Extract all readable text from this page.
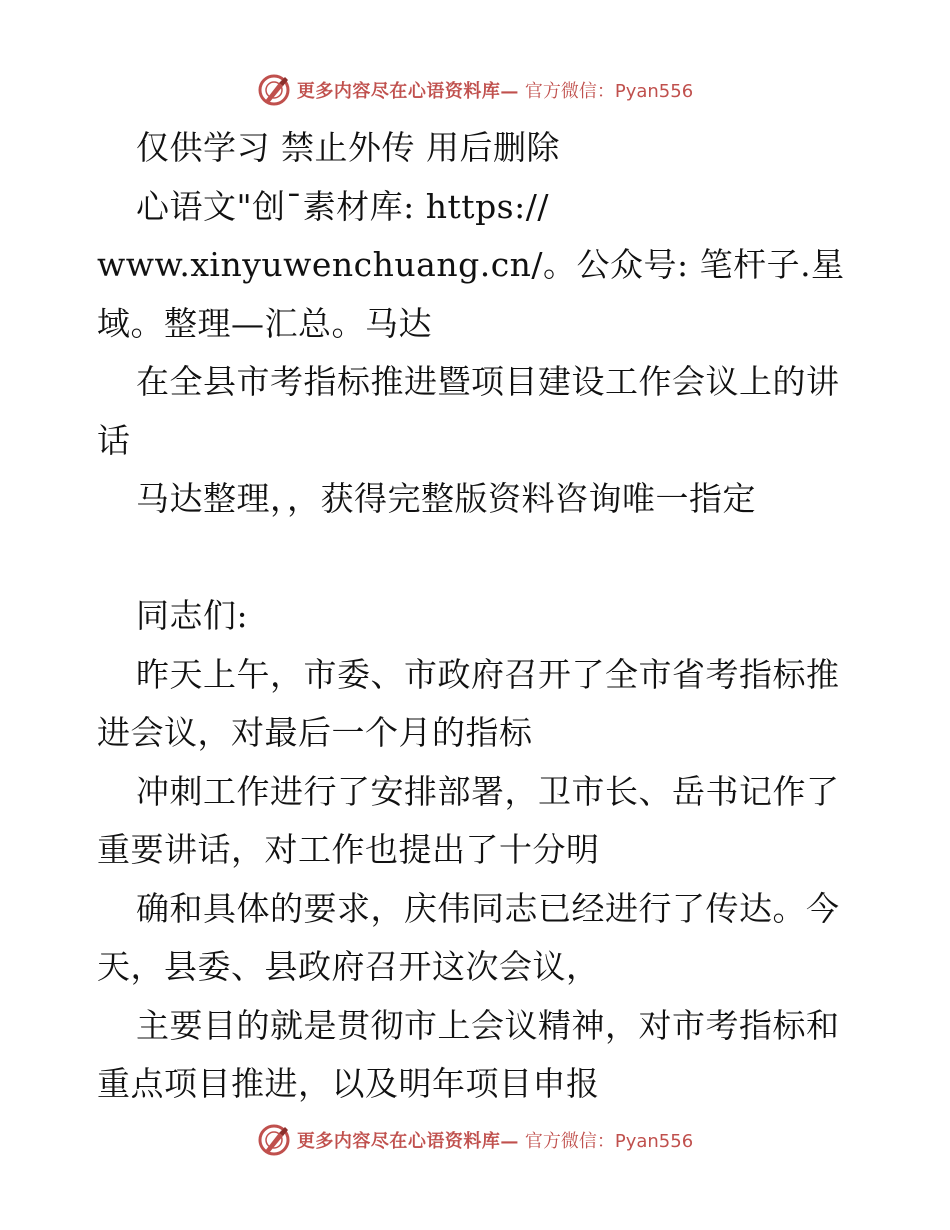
更多内容尽在心语资料库— 官方微信：Pyan556
仅供学习 禁止外传 用后删除
心语文"创¯素材库: https://
www.xinyuwenchuang.cn/。公众号: 笔杆子.星
域。整理—汇总。马达
在全县市考指标推进暨项目建设工作会议上的讲
话
马达整理，，获得完整版资料咨询唯一指定
同志们:
昨天上午，市委、市政府召开了全市省考指标推
进会议，对最后一个月的指标
冲刺工作进行了安排部署，卫市长、岳书记作了
重要讲话，对工作也提出了十分明
确和具体的要求，庆伟同志已经进行了传达。今
天，县委、县政府召开这次会议，
主要目的就是贯彻市上会议精神，对市考指标和
重点项目推进，以及明年项目申报
更多内容尽在心语资料库— 官方微信：Pyan556
